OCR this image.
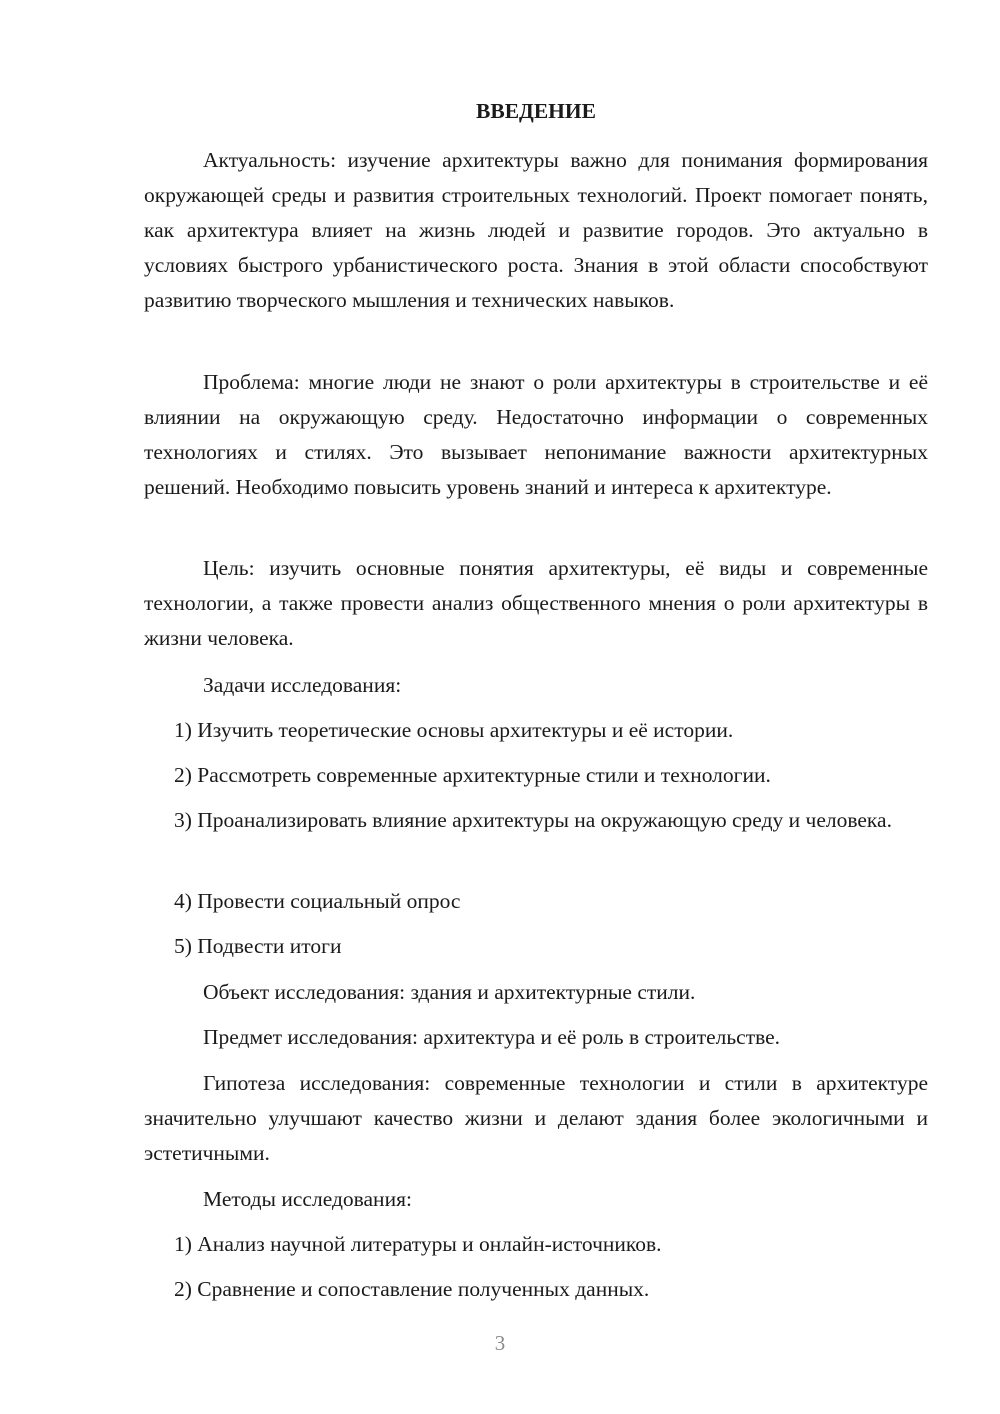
ВВЕДЕНИЕ

Актуальность: изучение архитектуры важно для понимания формирования окружающей среды и развития строительных технологий. Проект помогает понять, как архитектура влияет на жизнь людей и развитие городов. Это актуально в условиях быстрого урбанистического роста. Знания в этой области способствуют развитию творческого мышления и технических навыков.

Проблема: многие люди не знают о роли архитектуры в строительстве и её влиянии на окружающую среду. Недостаточно информации о современных технологиях и стилях. Это вызывает непонимание важности архитектурных решений. Необходимо повысить уровень знаний и интереса к архитектуре.

Цель: изучить основные понятия архитектуры, её виды и современные технологии, а также провести анализ общественного мнения о роли архитектуры в жизни человека.

Задачи исследования:

1) Изучить теоретические основы архитектуры и её истории.

2) Рассмотреть современные архитектурные стили и технологии.

3) Проанализировать влияние архитектуры на окружающую среду и человека.

4) Провести социальный опрос

5) Подвести итоги

Объект исследования: здания и архитектурные стили.

Предмет исследования: архитектура и её роль в строительстве.

Гипотеза исследования: современные технологии и стили в архитектуре значительно улучшают качество жизни и делают здания более экологичными и эстетичными.

Методы исследования:

1) Анализ научной литературы и онлайн-источников.

2) Сравнение и сопоставление полученных данных.

3
